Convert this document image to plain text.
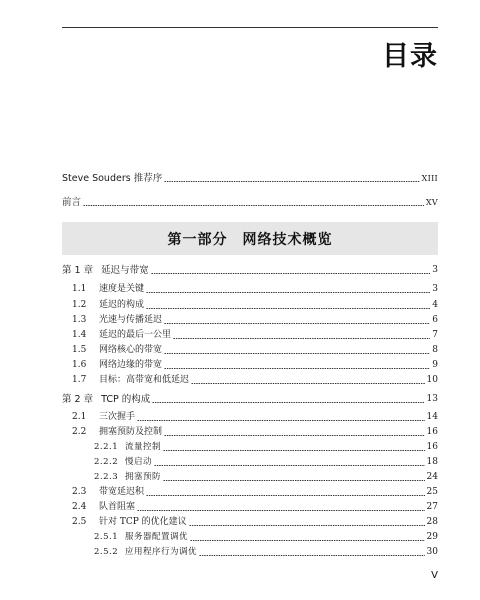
目录
Steve Souders 推荐序	XIII
前言	XV
第一部分　网络技术概览
第 1 章 延迟与带宽	3
1.1 速度是关键	3
1.2 延迟的构成	4
1.3 光速与传播延迟	6
1.4 延迟的最后一公里	7
1.5 网络核心的带宽	8
1.6 网络边缘的带宽	9
1.7 目标：高带宽和低延迟	10
第 2 章 TCP 的构成	13
2.1 三次握手	14
2.2 拥塞预防及控制	16
2.2.1 流量控制	16
2.2.2 慢启动	18
2.2.3 拥塞预防	24
2.3 带宽延迟积	25
2.4 队首阻塞	27
2.5 针对 TCP 的优化建议	28
2.5.1 服务器配置调优	29
2.5.2 应用程序行为调优	30
V
